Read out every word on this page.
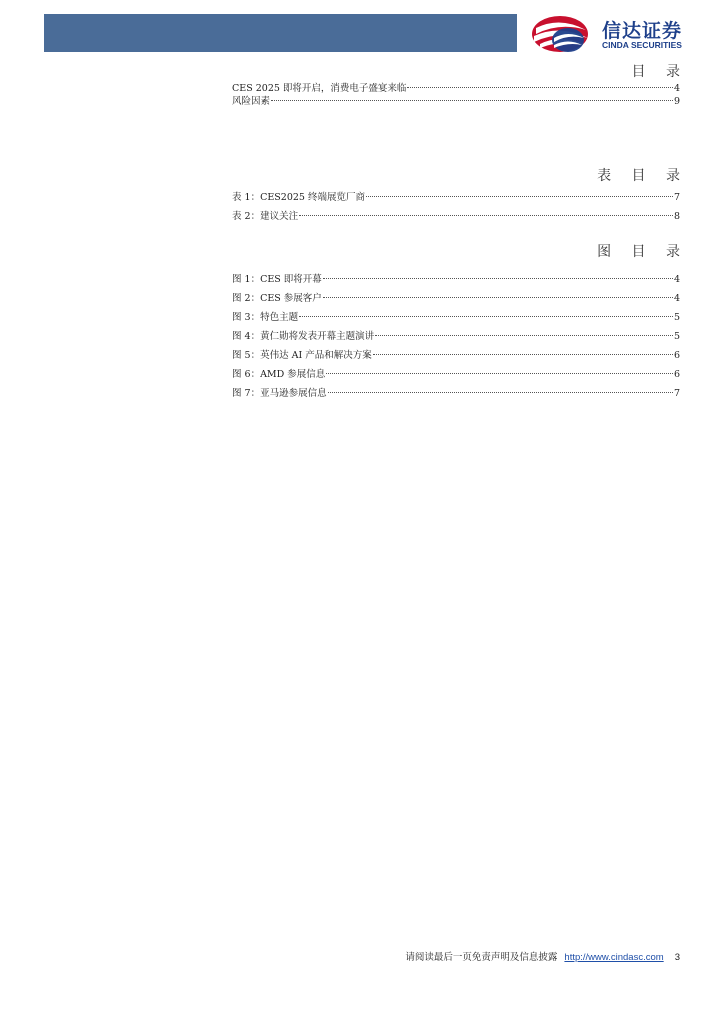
信达证券
CINDA SECURITIES
目 录
CES 2025 即将开启，消费电子盛宴来临	4
风险因素	9
表 目 录
表 1：CES2025 终端展览厂商	7
表 2：建议关注	8
图 目 录
图 1：CES 即将开幕	4
图 2：CES 参展客户	4
图 3：特色主题	5
图 4：黄仁勋将发表开幕主题演讲	5
图 5：英伟达 AI 产品和解决方案	6
图 6：AMD 参展信息	6
图 7：亚马逊参展信息	7
请阅读最后一页免责声明及信息披露 http://www.cindasc.com 3
